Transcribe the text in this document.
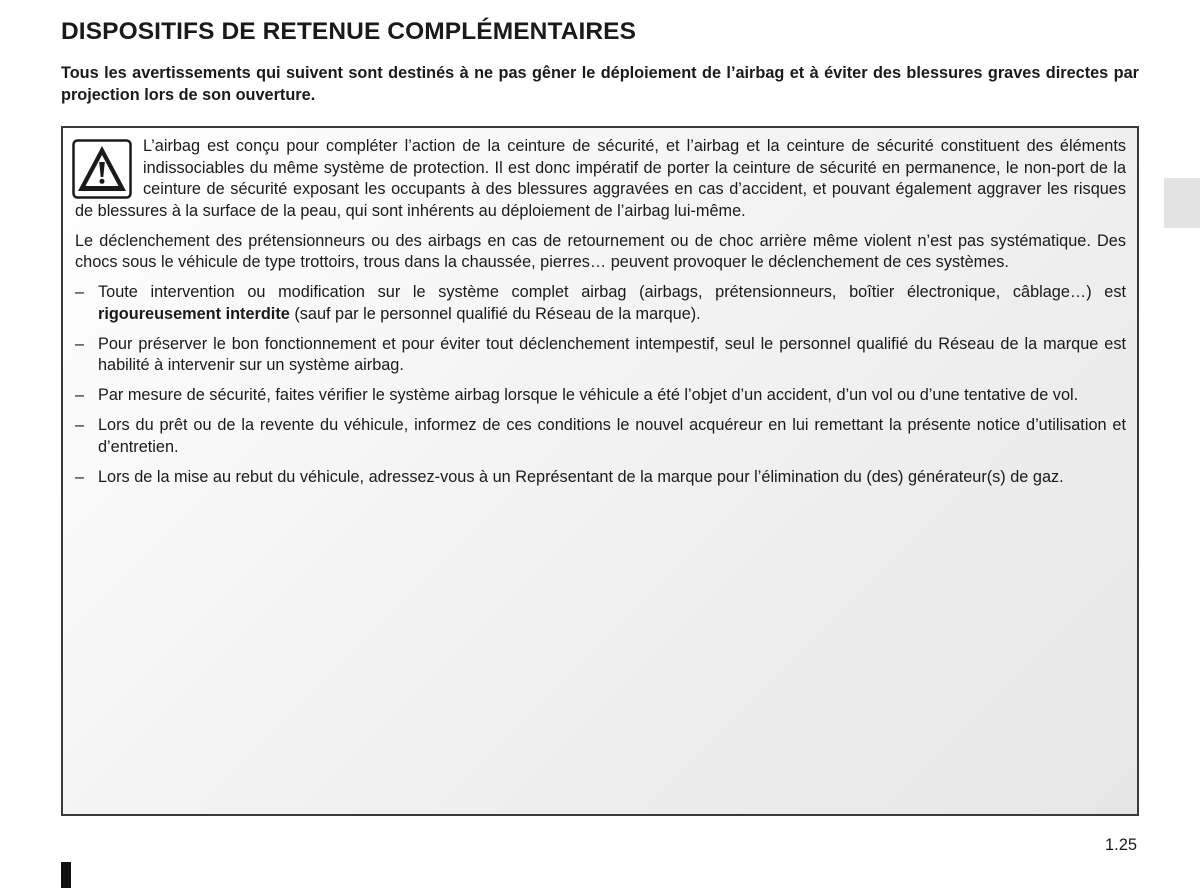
DISPOSITIFS DE RETENUE COMPLÉMENTAIRES

Tous les avertissements qui suivent sont destinés à ne pas gêner le déploiement de l’airbag et à éviter des blessures graves directes par projection lors de son ouverture.

L’airbag est conçu pour compléter l’action de la ceinture de sécurité, et l’airbag et la ceinture de sécurité constituent des éléments indissociables du même système de protection. Il est donc impératif de porter la ceinture de sécurité en permanence, le non-port de la ceinture de sécurité exposant les occupants à des blessures aggravées en cas d’accident, et pouvant également aggraver les risques de blessures à la surface de la peau, qui sont inhérents au déploiement de l’airbag lui-même.

Le déclenchement des prétensionneurs ou des airbags en cas de retournement ou de choc arrière même violent n’est pas systématique. Des chocs sous le véhicule de type trottoirs, trous dans la chaussée, pierres… peuvent provoquer le déclenchement de ces systèmes.

– Toute intervention ou modification sur le système complet airbag (airbags, prétensionneurs, boîtier électronique, câblage…) est rigoureusement interdite (sauf par le personnel qualifié du Réseau de la marque).
– Pour préserver le bon fonctionnement et pour éviter tout déclenchement intempestif, seul le personnel qualifié du Réseau de la marque est habilité à intervenir sur un système airbag.
– Par mesure de sécurité, faites vérifier le système airbag lorsque le véhicule a été l’objet d’un accident, d’un vol ou d’une tentative de vol.
– Lors du prêt ou de la revente du véhicule, informez de ces conditions le nouvel acquéreur en lui remettant la présente notice d’utilisation et d’entretien.
– Lors de la mise au rebut du véhicule, adressez-vous à un Représentant de la marque pour l’élimination du (des) générateur(s) de gaz.
1.25
